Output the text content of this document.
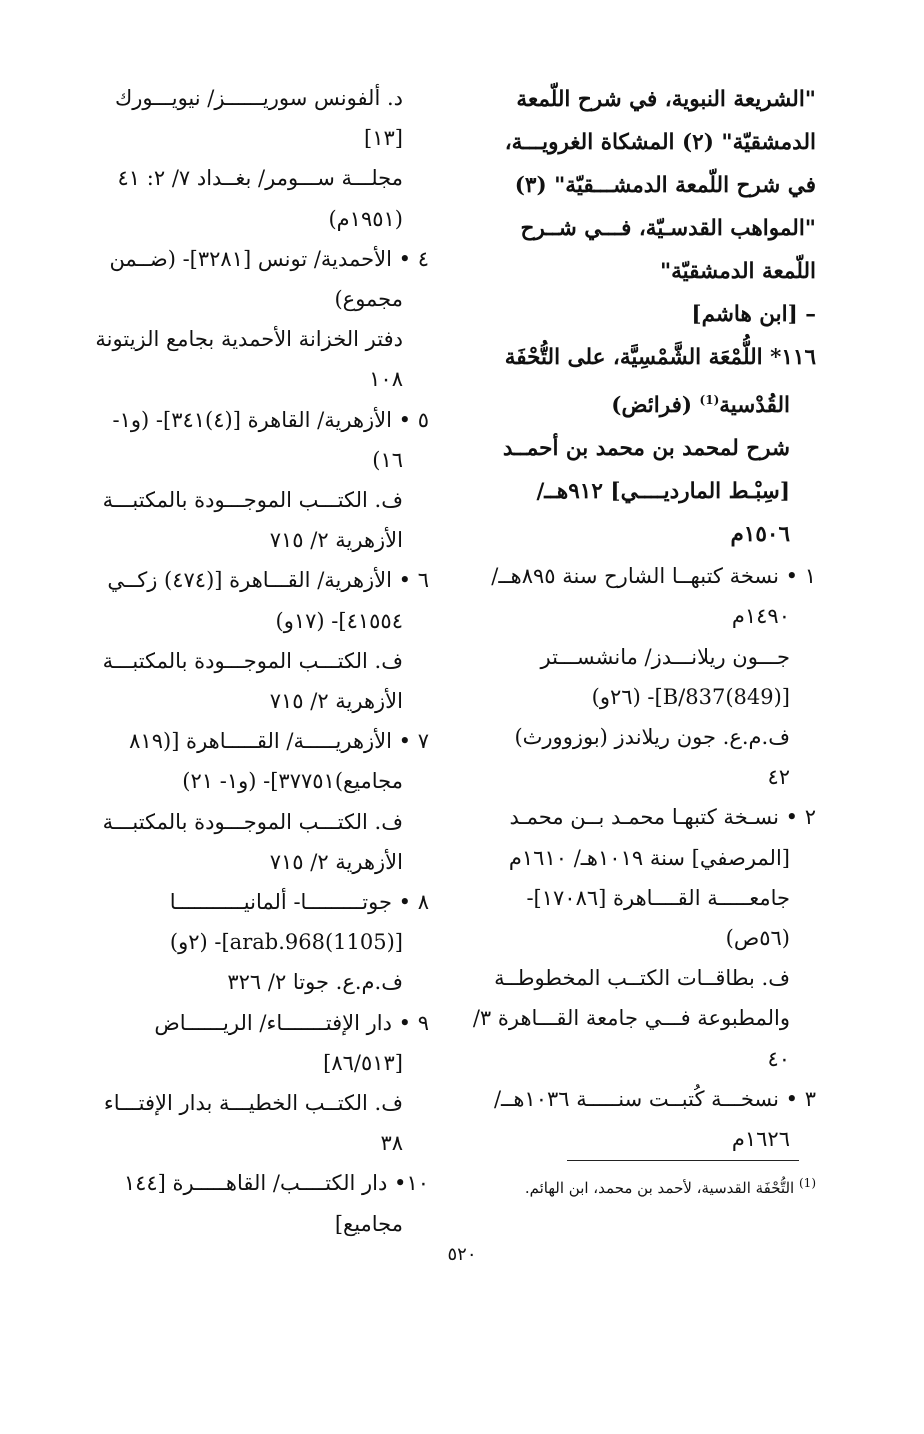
"الشريعة النبوية، في شرح اللّمعة

الدمشقيّة" (٢) المشكاة الغرويـــة،

في شرح اللّمعة الدمشـــقيّة" (٣)

"المواهب القدسـيّة، فـــي شــرح

اللّمعة الدمشقيّة"

– [ابن هاشم]

١١٦* اللُّمْعَة الشَّمْسِيَّة، على التُّحْفَة

القُدْسية$^{(1)}$ (فرائض)

شرح لمحمد بن محمد بن أحمــد

[سِبْـط المارديــــي] ٩١٢هــ/

١٥٠٦م

١ • نسخة كتبهــا الشارح سنة ٨٩٥هــ/

١٤٩٠م

جـــون ريلانـــدز/ مانشســـتر

[B/837(849)]- (٢٦و)

ف.م.ع. جون ريلاندز (بوزوورث)

٤٢

٢ • نسـخة كتبهـا محمـد بــن محمـد

[المرصفي] سنة ١٠١٩هـ/ ١٦١٠م

جامعـــــة القــــاهرة [١٧٠٨٦]-

(٥٦ص)

ف. بطاقــات الكتــب المخطوطــة

والمطبوعة فـــي جامعة القـــاهرة ٣/

٤٠

٣ • نسخـــة كُتبــت سنـــــة ١٠٣٦هــ/

١٦٢٦م

د. ألفونس سوريــــــز/ نيويـــورك

[١٣]

مجلـــة ســـومر/ بغــداد ٧/ ٢: ٤١

(١٩٥١م)

٤ • الأحمدية/ تونس [٣٢٨١]- (ضــمن

مجموع)

دفتر الخزانة الأحمدية بجامع الزيتونة

١٠٨

٥ • الأزهرية/ القاهرة [(٤)٣٤١]- (و١-

١٦)

ف. الكتـــب الموجـــودة بالمكتبـــة

الأزهرية ٢/ ٧١٥

٦ • الأزهرية/ القـــاهرة [(٤٧٤) زكــي

٤١٥٥٤]- (١٧و)

ف. الكتـــب الموجـــودة بالمكتبـــة

الأزهرية ٢/ ٧١٥

٧ • الأزهريـــــة/ القـــــاهرة [(٨١٩

مجاميع)٣٧٧٥١]- (و١- ٢١)

ف. الكتـــب الموجـــودة بالمكتبـــة

الأزهرية ٢/ ٧١٥

٨ • جوتـــــــــا- ألمانيـــــــــــا

[(1105)arab.968]- (٢و)

ف.م.ع. جوتا ٢/ ٣٢٦

٩ • دار الإفتـــــــاء/ الريــــــاض

[٨٦/٥١٣]

ف. الكتــب الخطيـــة بدار الإفتـــاء

٣٨

١٠• دار الكتــــب/ القاهـــــرة [١٤٤

مجاميع]

$^{(1)}$ التُّحْفَة القدسية، لأحمد بن محمد، ابن الهائم.
٥٢٠
